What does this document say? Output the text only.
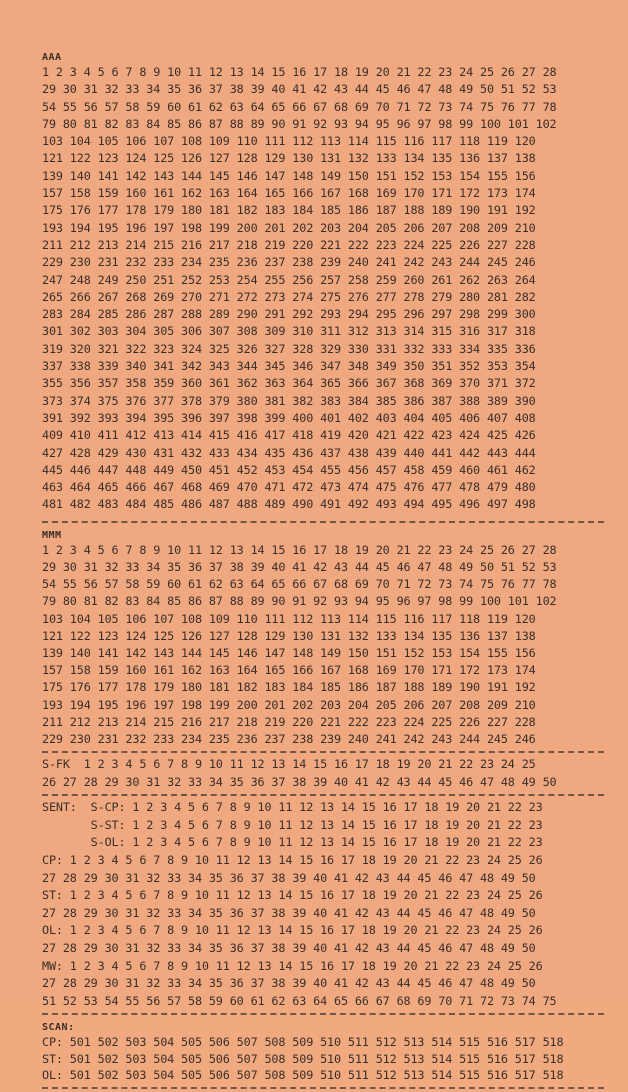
AAA
1 2 3 4 5 6 7 8 9 10 11 12 13 14 15 16 17 18 19 20 21 22 23 24 25 26 27 28
29 30 31 32 33 34 35 36 37 38 39 40 41 42 43 44 45 46 47 48 49 50 51 52 53
54 55 56 57 58 59 60 61 62 63 64 65 66 67 68 69 70 71 72 73 74 75 76 77 78
79 80 81 82 83 84 85 86 87 88 89 90 91 92 93 94 95 96 97 98 99 100 101 102
103 104 105 106 107 108 109 110 111 112 113 114 115 116 117 118 119 120
121 122 123 124 125 126 127 128 129 130 131 132 133 134 135 136 137 138
139 140 141 142 143 144 145 146 147 148 149 150 151 152 153 154 155 156
157 158 159 160 161 162 163 164 165 166 167 168 169 170 171 172 173 174
175 176 177 178 179 180 181 182 183 184 185 186 187 188 189 190 191 192
193 194 195 196 197 198 199 200 201 202 203 204 205 206 207 208 209 210
211 212 213 214 215 216 217 218 219 220 221 222 223 224 225 226 227 228
229 230 231 232 233 234 235 236 237 238 239 240 241 242 243 244 245 246
247 248 249 250 251 252 253 254 255 256 257 258 259 260 261 262 263 264
265 266 267 268 269 270 271 272 273 274 275 276 277 278 279 280 281 282
283 284 285 286 287 288 289 290 291 292 293 294 295 296 297 298 299 300
301 302 303 304 305 306 307 308 309 310 311 312 313 314 315 316 317 318
319 320 321 322 323 324 325 326 327 328 329 330 331 332 333 334 335 336
337 338 339 340 341 342 343 344 345 346 347 348 349 350 351 352 353 354
355 356 357 358 359 360 361 362 363 364 365 366 367 368 369 370 371 372
373 374 375 376 377 378 379 380 381 382 383 384 385 386 387 388 389 390
391 392 393 394 395 396 397 398 399 400 401 402 403 404 405 406 407 408
409 410 411 412 413 414 415 416 417 418 419 420 421 422 423 424 425 426
427 428 429 430 431 432 433 434 435 436 437 438 439 440 441 442 443 444
445 446 447 448 449 450 451 452 453 454 455 456 457 458 459 460 461 462
463 464 465 466 467 468 469 470 471 472 473 474 475 476 477 478 479 480
481 482 483 484 485 486 487 488 489 490 491 492 493 494 495 496 497 498
MMM
1 2 3 4 5 6 7 8 9 10 11 12 13 14 15 16 17 18 19 20 21 22 23 24 25 26 27 28
29 30 31 32 33 34 35 36 37 38 39 40 41 42 43 44 45 46 47 48 49 50 51 52 53
54 55 56 57 58 59 60 61 62 63 64 65 66 67 68 69 70 71 72 73 74 75 76 77 78
79 80 81 82 83 84 85 86 87 88 89 90 91 92 93 94 95 96 97 98 99 100 101 102
103 104 105 106 107 108 109 110 111 112 113 114 115 116 117 118 119 120
121 122 123 124 125 126 127 128 129 130 131 132 133 134 135 136 137 138
139 140 141 142 143 144 145 146 147 148 149 150 151 152 153 154 155 156
157 158 159 160 161 162 163 164 165 166 167 168 169 170 171 172 173 174
175 176 177 178 179 180 181 182 183 184 185 186 187 188 189 190 191 192
193 194 195 196 197 198 199 200 201 202 203 204 205 206 207 208 209 210
211 212 213 214 215 216 217 218 219 220 221 222 223 224 225 226 227 228
229 230 231 232 233 234 235 236 237 238 239 240 241 242 243 244 245 246
S-FK  1 2 3 4 5 6 7 8 9 10 11 12 13 14 15 16 17 18 19 20 21 22 23 24 25
26 27 28 29 30 31 32 33 34 35 36 37 38 39 40 41 42 43 44 45 46 47 48 49 50
SENT:  S-CP: 1 2 3 4 5 6 7 8 9 10 11 12 13 14 15 16 17 18 19 20 21 22 23
S-ST: 1 2 3 4 5 6 7 8 9 10 11 12 13 14 15 16 17 18 19 20 21 22 23
S-OL: 1 2 3 4 5 6 7 8 9 10 11 12 13 14 15 16 17 18 19 20 21 22 23
CP: 1 2 3 4 5 6 7 8 9 10 11 12 13 14 15 16 17 18 19 20 21 22 23 24 25 26
27 28 29 30 31 32 33 34 35 36 37 38 39 40 41 42 43 44 45 46 47 48 49 50
ST: 1 2 3 4 5 6 7 8 9 10 11 12 13 14 15 16 17 18 19 20 21 22 23 24 25 26
27 28 29 30 31 32 33 34 35 36 37 38 39 40 41 42 43 44 45 46 47 48 49 50
OL: 1 2 3 4 5 6 7 8 9 10 11 12 13 14 15 16 17 18 19 20 21 22 23 24 25 26
27 28 29 30 31 32 33 34 35 36 37 38 39 40 41 42 43 44 45 46 47 48 49 50
MW: 1 2 3 4 5 6 7 8 9 10 11 12 13 14 15 16 17 18 19 20 21 22 23 24 25 26
27 28 29 30 31 32 33 34 35 36 37 38 39 40 41 42 43 44 45 46 47 48 49 50
51 52 53 54 55 56 57 58 59 60 61 62 63 64 65 66 67 68 69 70 71 72 73 74 75
SCAN:
CP: 501 502 503 504 505 506 507 508 509 510 511 512 513 514 515 516 517 518
ST: 501 502 503 504 505 506 507 508 509 510 511 512 513 514 515 516 517 518
OL: 501 502 503 504 505 506 507 508 509 510 511 512 513 514 515 516 517 518
